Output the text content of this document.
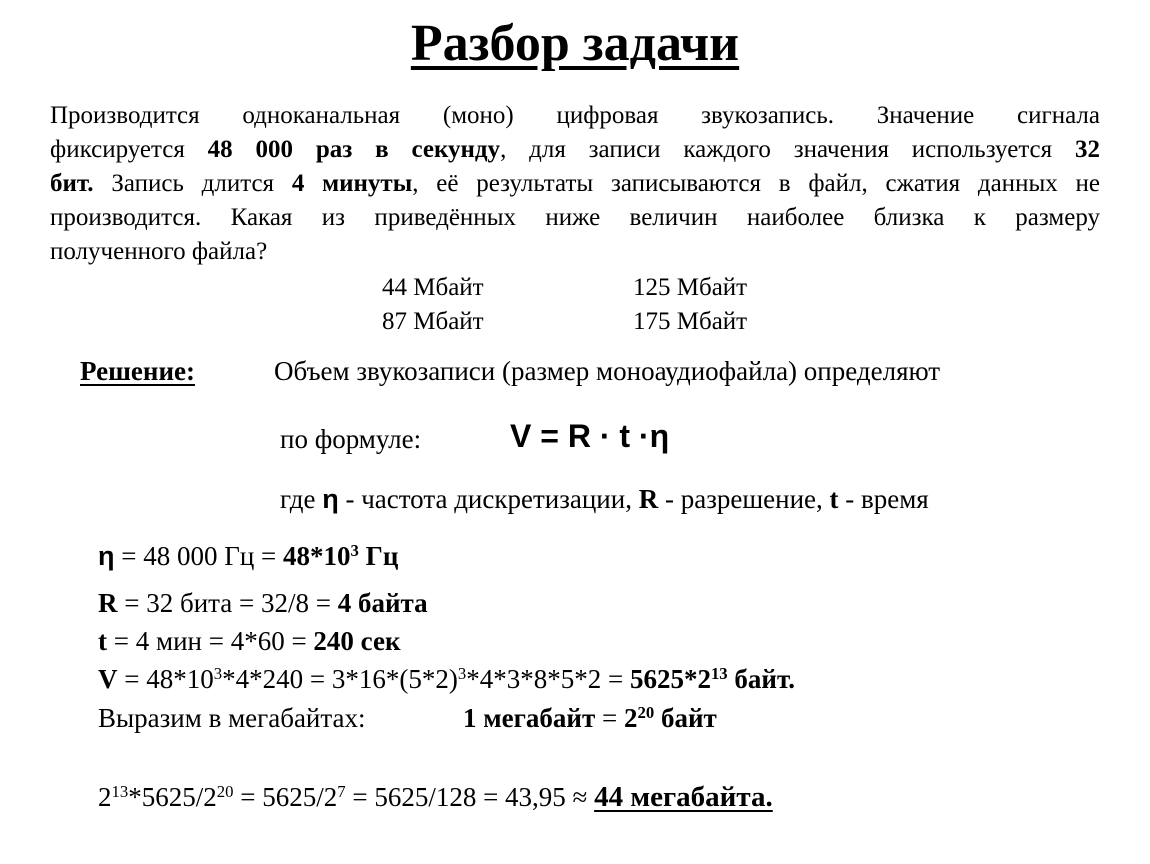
Разбор задачи
Производится одноканальная (моно) цифровая звукозапись. Значение сигнала
фиксируется 48 000 раз в секунду, для записи каждого значения используется 32
бит. Запись длится 4 минуты, её результаты записываются в файл, сжатия данных не
производится. Какая из приведённых ниже величин наиболее близка к размеру
полученного файла?
44 Мбайт	125 Мбайт
87 Мбайт	175 Мбайт
Решение:	Объем звукозаписи (размер моноаудиофайла) определяют
по формуле:	V = R · t ·η
где η - частота дискретизации, R - разрешение, t - время
η = 48 000 Гц = $48*10^3$ Гц
R = 32 бита = 32/8 = 4 байта
t = 4 мин = 4*60 = 240 сек
$V = 48*10^3*4*240 = 3*16*(5*2)^3*4*3*8*5*2 = 5625*2^{13}$ байт.
Выразим в мегабайтах:	1 мегабайт = $2^{20}$ байт
$2^{13}*5625/2^{20} = 5625/2^7 = 5625/128 = 43,95 \approx 44$ мегабайта.
